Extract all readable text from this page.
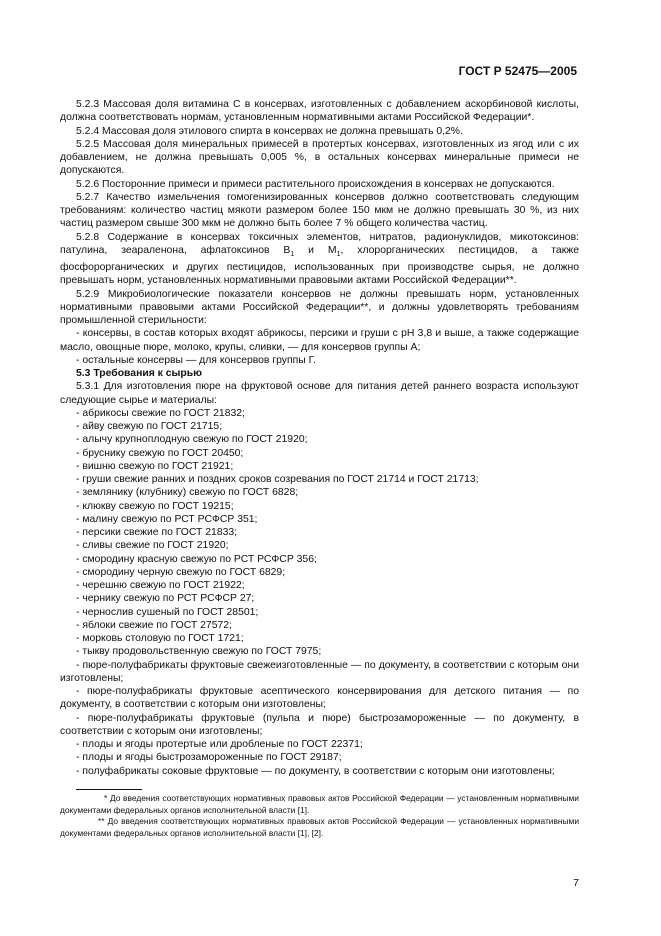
ГОСТ Р 52475—2005

5.2.3 Массовая доля витамина С в консервах, изготовленных с добавлением аскорбиновой кислоты, должна соответствовать нормам, установленным нормативными актами Российской Федерации*.

5.2.4 Массовая доля этилового спирта в консервах не должна превышать 0,2%.

5.2.5 Массовая доля минеральных примесей в протертых консервах, изготовленных из ягод или с их добавлением, не должна превышать 0,005 %, в остальных консервах минеральные примеси не допускаются.

5.2.6 Посторонние примеси и примеси растительного происхождения в консервах не допускаются.

5.2.7 Качество измельчения гомогенизированных консервов должно соответствовать следующим требованиям: количество частиц мякоти размером более 150 мкм не должно превышать 30 %, из них частиц размером свыше 300 мкм не должно быть более 7 % общего количества частиц.

5.2.8 Содержание в консервах токсичных элементов, нитратов, радионуклидов, микотоксинов: патулина, зеараленона, афлатоксинов $B_1$ и $M_1$, хлорорганических пестицидов, а также фосфорорганических и других пестицидов, использованных при производстве сырья, не должно превышать норм, установленных нормативными правовыми актами Российской Федерации**.

5.2.9 Микробиологические показатели консервов не должны превышать норм, установленных нормативными правовыми актами Российской Федерации**, и должны удовлетворять требованиям промышленной стерильности:

- консервы, в состав которых входят абрикосы, персики и груши с pH 3,8 и выше, а также содержащие масло, овощные пюре, молоко, крупы, сливки, — для консервов группы А;

- остальные консервы — для консервов группы Г.

5.3 Требования к сырью

5.3.1 Для изготовления пюре на фруктовой основе для питания детей раннего возраста используют следующие сырье и материалы:

- абрикосы свежие по ГОСТ 21832;

- айву свежую по ГОСТ 21715;

- алычу крупноплодную свежую по ГОСТ 21920;

- бруснику свежую по ГОСТ 20450;

- вишню свежую по ГОСТ 21921;

- груши свежие ранних и поздних сроков созревания по ГОСТ 21714 и ГОСТ 21713;

- землянику (клубнику) свежую по ГОСТ 6828;

- клюкву свежую по ГОСТ 19215;

- малину свежую по РСТ РСФСР 351;

- персики свежие по ГОСТ 21833;

- сливы свежие по ГОСТ 21920;

- смородину красную свежую по РСТ РСФСР 356;

- смородину черную свежую по ГОСТ 6829;

- черешню свежую по ГОСТ 21922;

- чернику свежую по РСТ РСФСР 27;

- чернослив сушеный по ГОСТ 28501;

- яблоки свежие по ГОСТ 27572;

- морковь столовую по ГОСТ 1721;

- тыкву продовольственную свежую по ГОСТ 7975;

- пюре-полуфабрикаты фруктовые свежеизготовленные — по документу, в соответствии с которым они изготовлены;

- пюре-полуфабрикаты фруктовые асептического консервирования для детского питания — по документу, в соответствии с которым они изготовлены;

- пюре-полуфабрикаты фруктовые (пульпа и пюре) быстрозамороженные — по документу, в соответствии с которым они изготовлены;

- плоды и ягоды протертые или дробленые по ГОСТ 22371;

- плоды и ягоды быстрозамороженные по ГОСТ 29187;

- полуфабрикаты соковые фруктовые — по документу, в соответствии с которым они изготовлены;

* До введения соответствующих нормативных правовых актов Российской Федерации — установленным нормативными документами федеральных органов исполнительной власти [1].

** До введения соответствующих нормативных правовых актов Российской Федерации — установленных нормативными документами федеральных органов исполнительной власти [1], [2].

7
